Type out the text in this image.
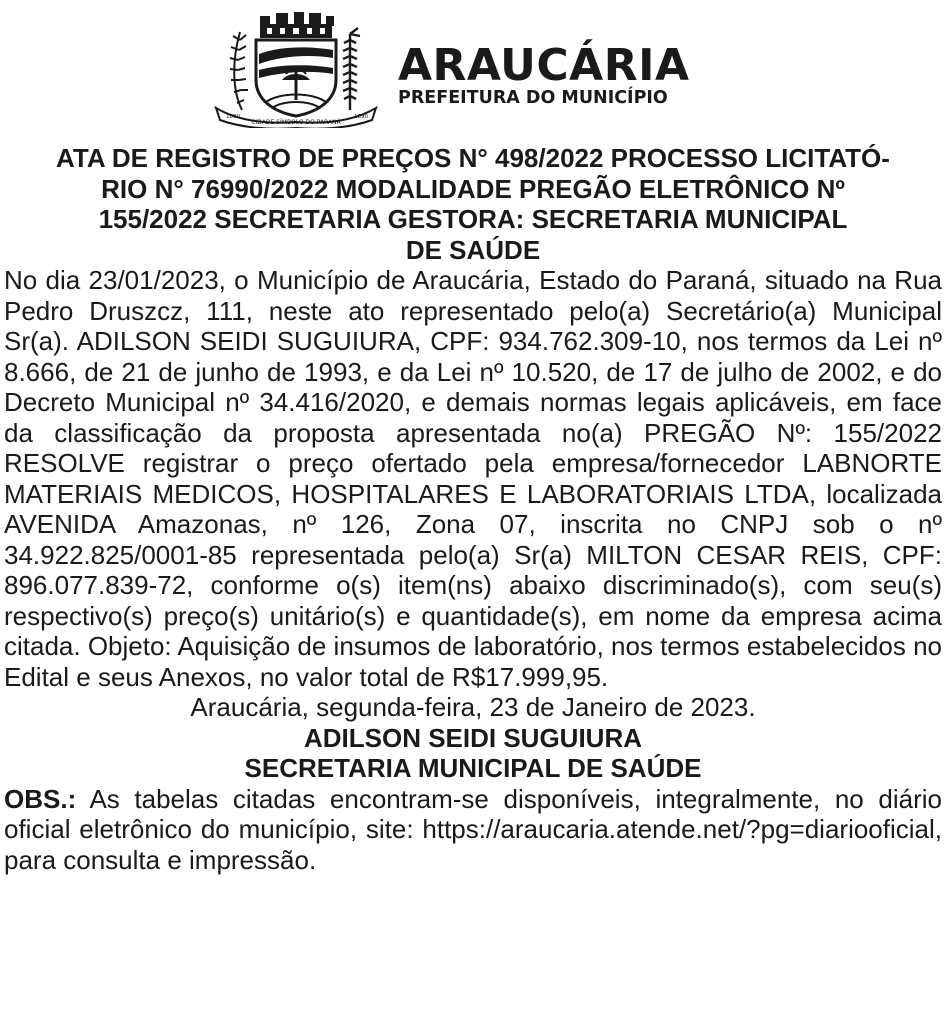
CIDADE SÍMBOLO DO PARANÁ
1890	1890
ARAUCÁRIA
PREFEITURA DO MUNICÍPIO
ATA DE REGISTRO DE PREÇOS N° 498/2022 PROCESSO LICITATÓ-
RIO N° 76990/2022 MODALIDADE PREGÃO ELETRÔNICO Nº
155/2022 SECRETARIA GESTORA: SECRETARIA MUNICIPAL
DE SAÚDE

No dia 23/01/2023, o Município de Araucária, Estado do Paraná, situado na Rua Pedro Druszcz, 111, neste ato representado pelo(a) Secretário(a) Municipal Sr(a). ADILSON SEIDI SUGUIURA, CPF: 934.762.309-10, nos termos da Lei nº 8.666, de 21 de junho de 1993, e da Lei nº 10.520, de 17 de julho de 2002, e do Decreto Municipal nº 34.416/2020, e demais normas legais aplicáveis, em face da classificação da proposta apresentada no(a) PREGÃO Nº: 155/2022 RESOLVE registrar o preço ofertado pela empresa/fornecedor LABNORTE MATERIAIS MEDICOS, HOSPITALARES E LABORATORIAIS LTDA, localizada AVENIDA Amazonas, nº 126, Zona 07, inscrita no CNPJ sob o nº 34.922.825/0001-85 representada pelo(a) Sr(a) MILTON CESAR REIS, CPF: 896.077.839-72, conforme o(s) item(ns) abaixo discriminado(s), com seu(s) respectivo(s) preço(s) unitário(s) e quantidade(s), em nome da empresa acima citada. Objeto: Aquisição de insumos de laboratório, nos termos estabelecidos no Edital e seus Anexos, no valor total de R$17.999,95.

Araucária, segunda-feira, 23 de Janeiro de 2023.

ADILSON SEIDI SUGUIURA

SECRETARIA MUNICIPAL DE SAÚDE

OBS.: As tabelas citadas encontram-se disponíveis, integralmente, no diário oficial eletrônico do município, site: https://araucaria.atende.net/?pg=diariooficial, para consulta e impressão.
